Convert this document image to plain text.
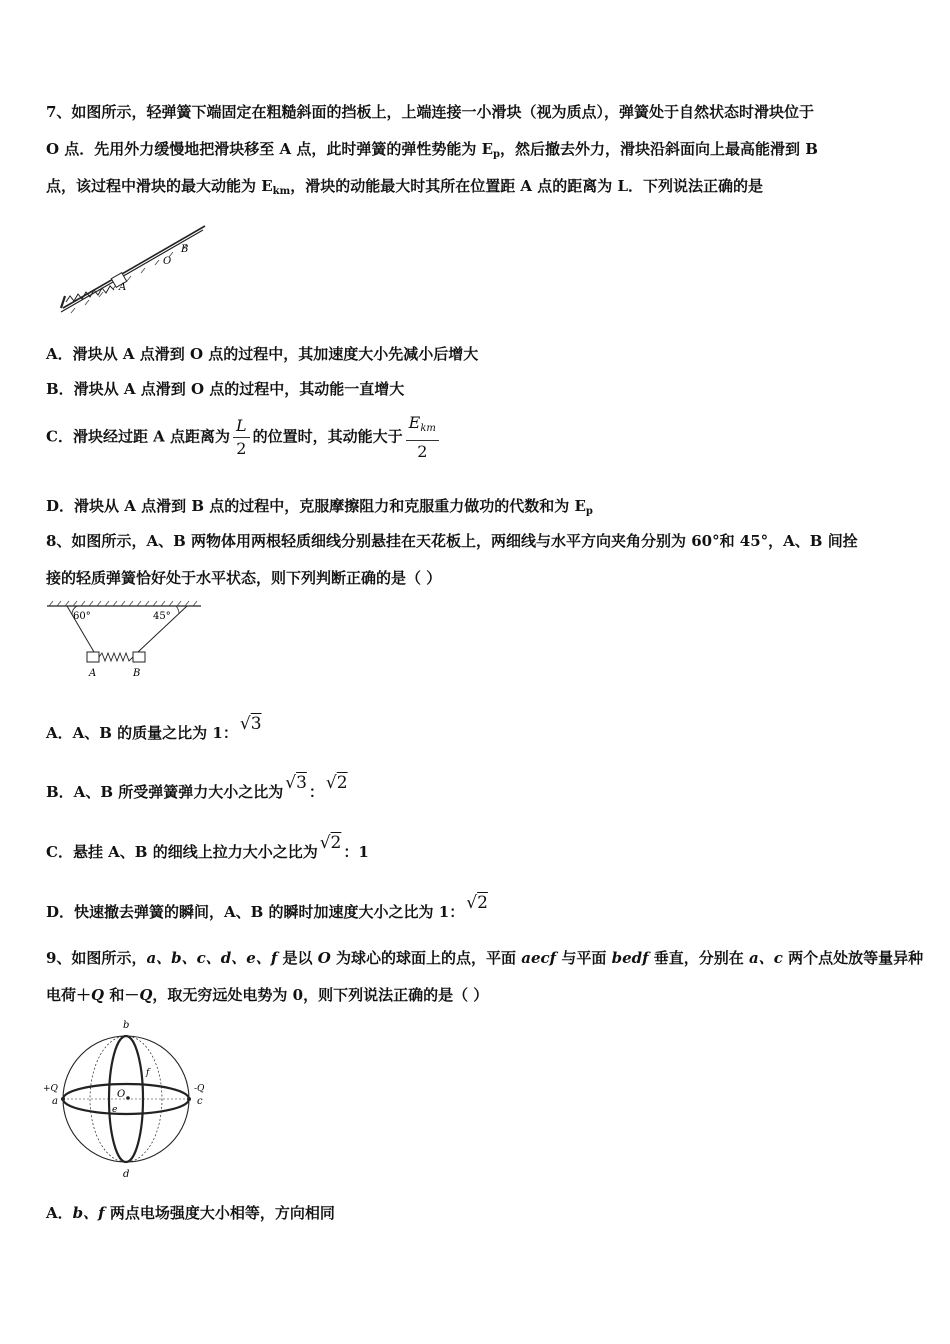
7、如图所示，轻弹簧下端固定在粗糙斜面的挡板上，上端连接一小滑块（视为质点），弹簧处于自然状态时滑块位于
O 点．先用外力缓慢地把滑块移至 A 点，此时弹簧的弹性势能为 $E_p$，然后撤去外力，滑块沿斜面向上最高能滑到 B
点，该过程中滑块的最大动能为 $E_{km}$，滑块的动能最大时其所在位置距 A 点的距离为 L．下列说法正确的是
A
O
B
A．滑块从 A 点滑到 O 点的过程中，其加速度大小先减小后增大
B．滑块从 A 点滑到 O 点的过程中，其动能一直增大
C．滑块经过距 A 点距离为 $\frac{L}{2}$ 的位置时，其动能大于 $\frac{E_{km}}{2}$
D．滑块从 A 点滑到 B 点的过程中，克服摩擦阻力和克服重力做功的代数和为 $E_p$
8、如图所示，A、B 两物体用两根轻质细线分别悬挂在天花板上，两细线与水平方向夹角分别为 60°和 45°，A、B 间拴
接的轻质弹簧恰好处于水平状态，则下列判断正确的是（ ）
60°	45°
A	B
A．A、B 的质量之比为 1： √3
B．A、B 所受弹簧弹力大小之比为 √3 ： √2
C．悬挂 A、B 的细线上拉力大小之比为 √2 ：1
D．快速撤去弹簧的瞬间，A、B 的瞬时加速度大小之比为 1： √2
9、如图所示，a、b、c、d、e、f 是以 O 为球心的球面上的点，平面 aecf 与平面 bedf 垂直，分别在 a、c 两个点处放等量异种
电荷＋Q 和－Q，取无穷远处电势为 0，则下列说法正确的是（ ）
b
d
a	c
e
f
O
+Q	-Q
A．b、f 两点电场强度大小相等，方向相同
